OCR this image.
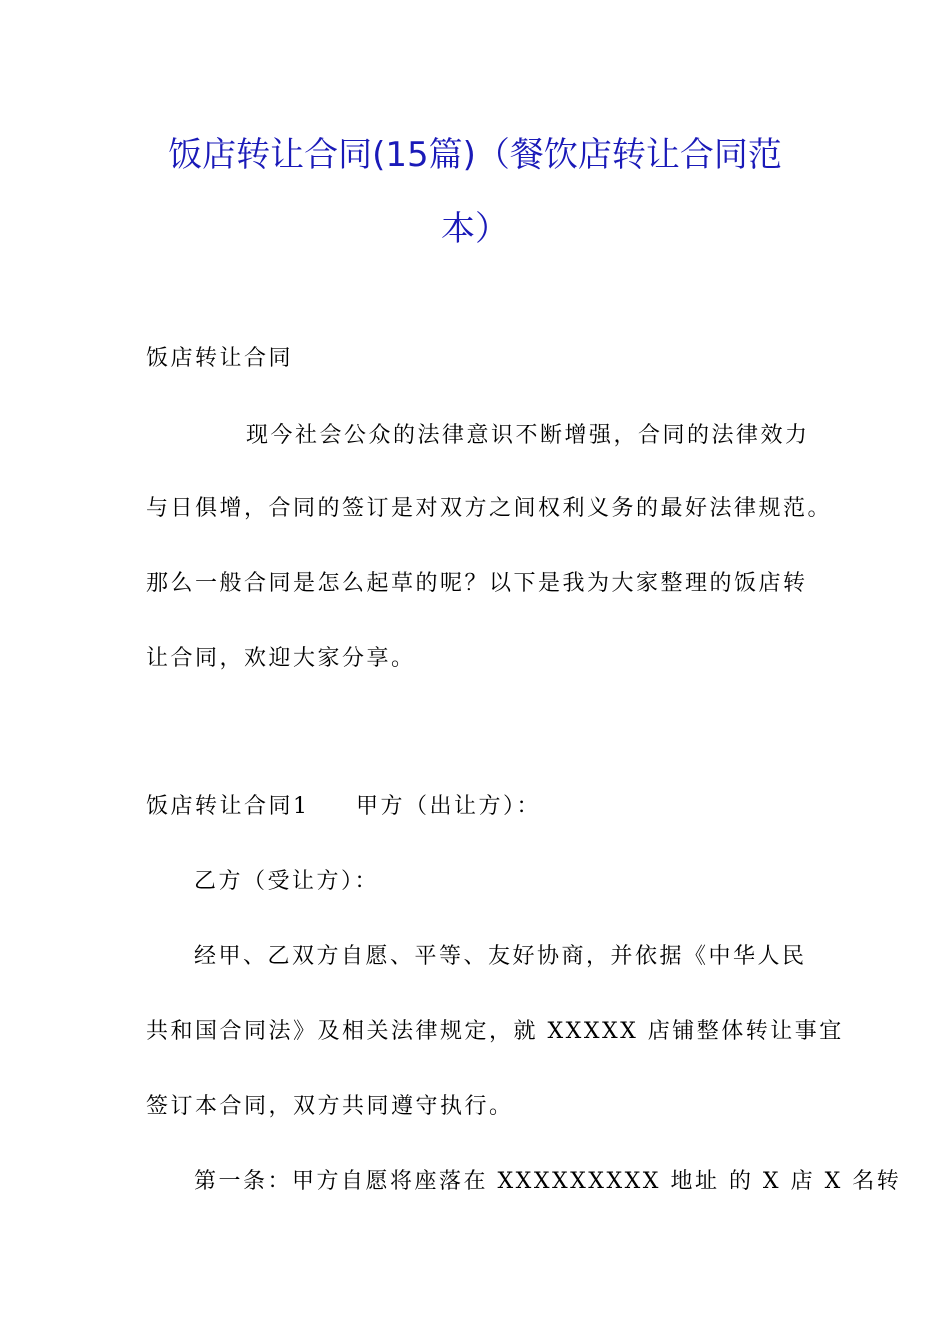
饭店转让合同(15篇)（餐饮店转让合同范
本）
饭店转让合同
现今社会公众的法律意识不断增强，合同的法律效力
与日俱增，合同的签订是对双方之间权利义务的最好法律规范。
那么一般合同是怎么起草的呢？以下是我为大家整理的饭店转
让合同，欢迎大家分享。
饭店转让合同1 甲方（出让方）：
乙方（受让方）：
经甲、乙双方自愿、平等、友好协商，并依据《中华人民
共和国合同法》及相关法律规定，就 XXXXX 店铺整体转让事宜
签订本合同，双方共同遵守执行。
第一条：甲方自愿将座落在 XXXXXXXXX 地址 的 X 店 X 名转
